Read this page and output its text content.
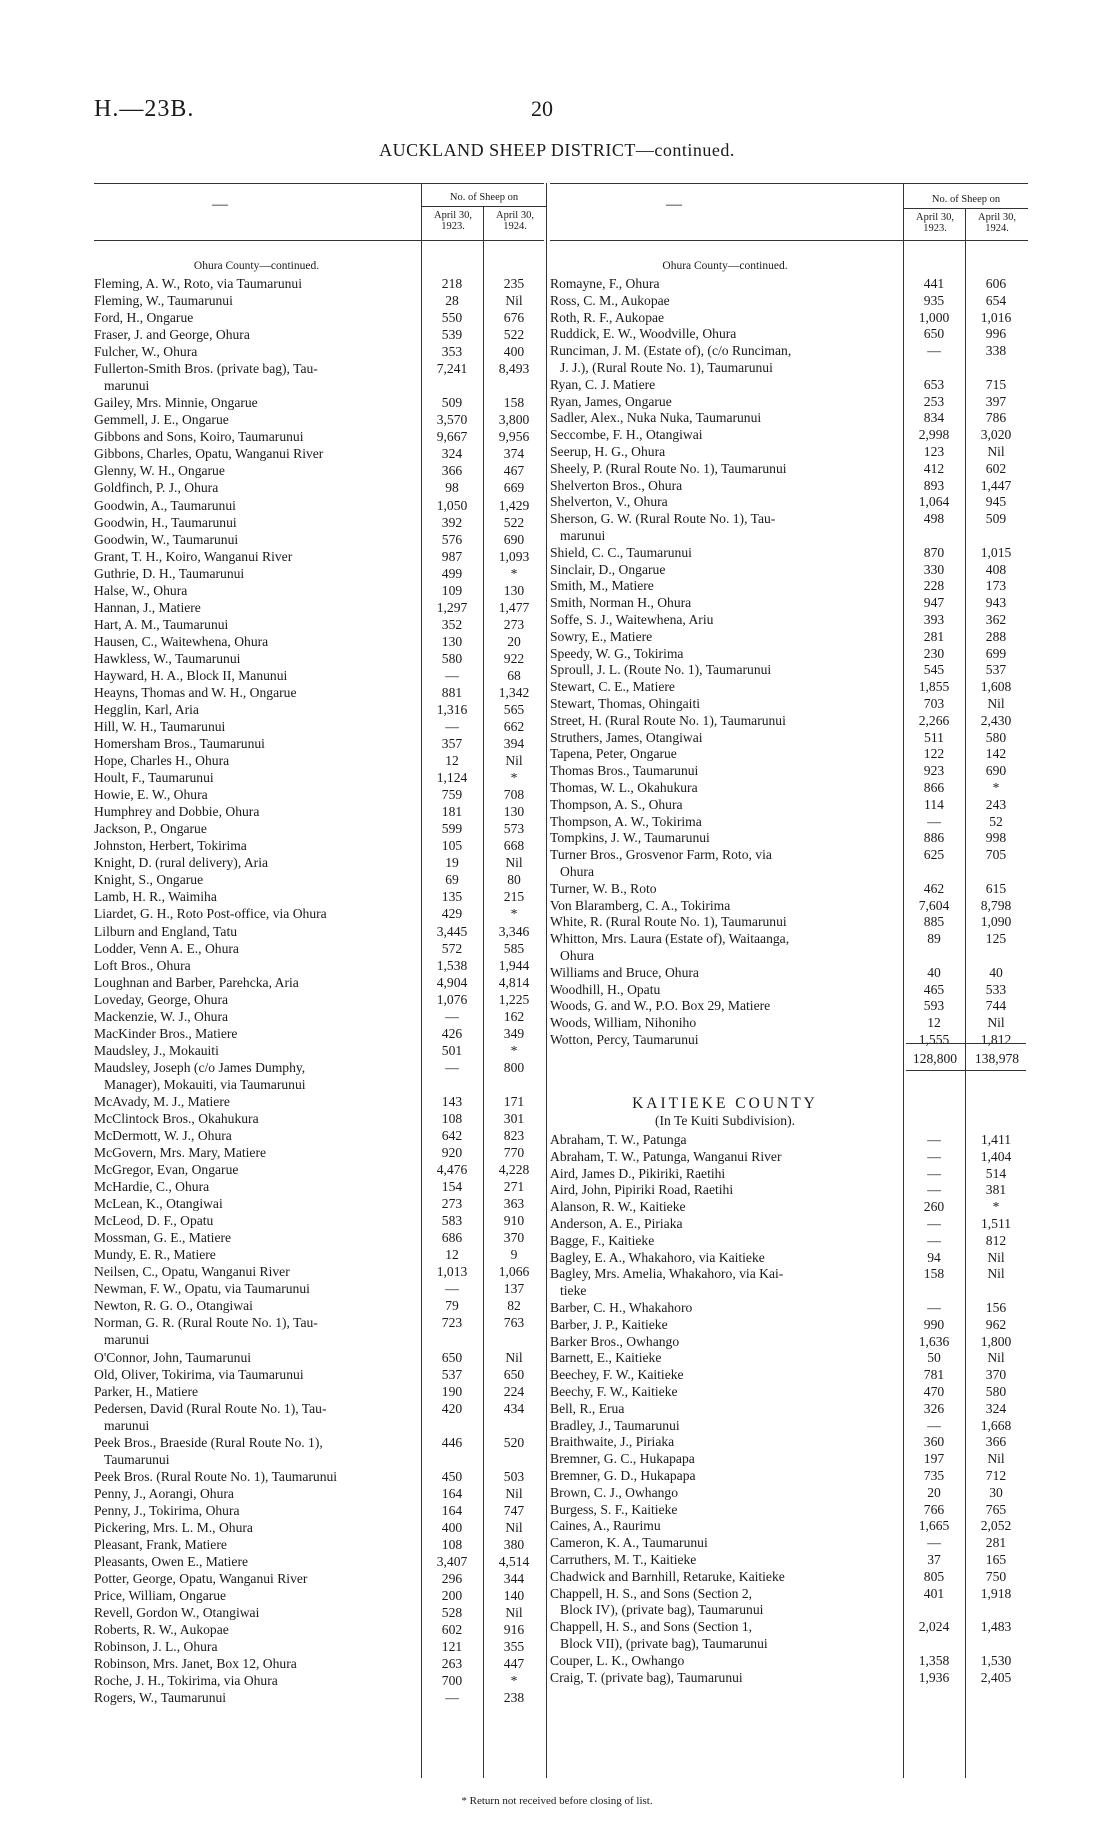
H.—23B.	20
AUCKLAND SHEEP DISTRICT—continued.
—	No. of Sheep on
April 30, 1923.
April 30, 1924.
—	No. of Sheep on
April 30, 1923.
April 30, 1924.
Ohura County—continued.	Ohura County—continued.
Fleming, A. W., Roto, via Taumarunui	218	235
Fleming, W., Taumarunui	28	Nil
Ford, H., Ongarue	550	676
Fraser, J. and George, Ohura	539	522
Fulcher, W., Ohura	353	400
Fullerton-Smith Bros. (private bag), Tau-	7,241	8,493
marunui
Gailey, Mrs. Minnie, Ongarue	509	158
Gemmell, J. E., Ongarue	3,570	3,800
Gibbons and Sons, Koiro, Taumarunui	9,667	9,956
Gibbons, Charles, Opatu, Wanganui River	324	374
Glenny, W. H., Ongarue	366	467
Goldfinch, P. J., Ohura	98	669
Goodwin, A., Taumarunui	1,050	1,429
Goodwin, H., Taumarunui	392	522
Goodwin, W., Taumarunui	576	690
Grant, T. H., Koiro, Wanganui River	987	1,093
Guthrie, D. H., Taumarunui	499	*
Halse, W., Ohura	109	130
Hannan, J., Matiere	1,297	1,477
Hart, A. M., Taumarunui	352	273
Hausen, C., Waitewhena, Ohura	130	20
Hawkless, W., Taumarunui	580	922
Hayward, H. A., Block II, Manunui	—	68
Heayns, Thomas and W. H., Ongarue	881	1,342
Hegglin, Karl, Aria	1,316	565
Hill, W. H., Taumarunui	—	662
Homersham Bros., Taumarunui	357	394
Hope, Charles H., Ohura	12	Nil
Hoult, F., Taumarunui	1,124	*
Howie, E. W., Ohura	759	708
Humphrey and Dobbie, Ohura	181	130
Jackson, P., Ongarue	599	573
Johnston, Herbert, Tokirima	105	668
Knight, D. (rural delivery), Aria	19	Nil
Knight, S., Ongarue	69	80
Lamb, H. R., Waimiha	135	215
Liardet, G. H., Roto Post-office, via Ohura	429	*
Lilburn and England, Tatu	3,445	3,346
Lodder, Venn A. E., Ohura	572	585
Loft Bros., Ohura	1,538	1,944
Loughnan and Barber, Parehcka, Aria	4,904	4,814
Loveday, George, Ohura	1,076	1,225
Mackenzie, W. J., Ohura	—	162
MacKinder Bros., Matiere	426	349
Maudsley, J., Mokauiti	501	*
Maudsley, Joseph (c/o James Dumphy,	—	800
Manager), Mokauiti, via Taumarunui
McAvady, M. J., Matiere	143	171
McClintock Bros., Okahukura	108	301
McDermott, W. J., Ohura	642	823
McGovern, Mrs. Mary, Matiere	920	770
McGregor, Evan, Ongarue	4,476	4,228
McHardie, C., Ohura	154	271
McLean, K., Otangiwai	273	363
McLeod, D. F., Opatu	583	910
Mossman, G. E., Matiere	686	370
Mundy, E. R., Matiere	12	9
Neilsen, C., Opatu, Wanganui River	1,013	1,066
Newman, F. W., Opatu, via Taumarunui	—	137
Newton, R. G. O., Otangiwai	79	82
Norman, G. R. (Rural Route No. 1), Tau-	723	763
marunui
O'Connor, John, Taumarunui	650	Nil
Old, Oliver, Tokirima, via Taumarunui	537	650
Parker, H., Matiere	190	224
Pedersen, David (Rural Route No. 1), Tau-	420	434
marunui
Peek Bros., Braeside (Rural Route No. 1),	446	520
Taumarunui
Peek Bros. (Rural Route No. 1), Taumarunui	450	503
Penny, J., Aorangi, Ohura	164	Nil
Penny, J., Tokirima, Ohura	164	747
Pickering, Mrs. L. M., Ohura	400	Nil
Pleasant, Frank, Matiere	108	380
Pleasants, Owen E., Matiere	3,407	4,514
Potter, George, Opatu, Wanganui River	296	344
Price, William, Ongarue	200	140
Revell, Gordon W., Otangiwai	528	Nil
Roberts, R. W., Aukopae	602	916
Robinson, J. L., Ohura	121	355
Robinson, Mrs. Janet, Box 12, Ohura	263	447
Roche, J. H., Tokirima, via Ohura	700	*
Rogers, W., Taumarunui	—	238
Romayne, F., Ohura	441	606
Ross, C. M., Aukopae	935	654
Roth, R. F., Aukopae	1,000	1,016
Ruddick, E. W., Woodville, Ohura	650	996
Runciman, J. M. (Estate of), (c/o Runciman,	—	338
J. J.), (Rural Route No. 1), Taumarunui
Ryan, C. J. Matiere	653	715
Ryan, James, Ongarue	253	397
Sadler, Alex., Nuka Nuka, Taumarunui	834	786
Seccombe, F. H., Otangiwai	2,998	3,020
Seerup, H. G., Ohura	123	Nil
Sheely, P. (Rural Route No. 1), Taumarunui	412	602
Shelverton Bros., Ohura	893	1,447
Shelverton, V., Ohura	1,064	945
Sherson, G. W. (Rural Route No. 1), Tau-	498	509
marunui
Shield, C. C., Taumarunui	870	1,015
Sinclair, D., Ongarue	330	408
Smith, M., Matiere	228	173
Smith, Norman H., Ohura	947	943
Soffe, S. J., Waitewhena, Ariu	393	362
Sowry, E., Matiere	281	288
Speedy, W. G., Tokirima	230	699
Sproull, J. L. (Route No. 1), Taumarunui	545	537
Stewart, C. E., Matiere	1,855	1,608
Stewart, Thomas, Ohingaiti	703	Nil
Street, H. (Rural Route No. 1), Taumarunui	2,266	2,430
Struthers, James, Otangiwai	511	580
Tapena, Peter, Ongarue	122	142
Thomas Bros., Taumarunui	923	690
Thomas, W. L., Okahukura	866	*
Thompson, A. S., Ohura	114	243
Thompson, A. W., Tokirima	—	52
Tompkins, J. W., Taumarunui	886	998
Turner Bros., Grosvenor Farm, Roto, via	625	705
Ohura
Turner, W. B., Roto	462	615
Von Blaramberg, C. A., Tokirima	7,604	8,798
White, R. (Rural Route No. 1), Taumarunui	885	1,090
Whitton, Mrs. Laura (Estate of), Waitaanga,	89	125
Ohura
Williams and Bruce, Ohura	40	40
Woodhill, H., Opatu	465	533
Woods, G. and W., P.O. Box 29, Matiere	593	744
Woods, William, Nihoniho	12	Nil
Wotton, Percy, Taumarunui	1,555	1,812
128,800	138,978
KAITIEKE COUNTY
(In Te Kuiti Subdivision).
Abraham, T. W., Patunga	—	1,411
Abraham, T. W., Patunga, Wanganui River	—	1,404
Aird, James D., Pikiriki, Raetihi	—	514
Aird, John, Pipiriki Road, Raetihi	—	381
Alanson, R. W., Kaitieke	260	*
Anderson, A. E., Piriaka	—	1,511
Bagge, F., Kaitieke	—	812
Bagley, E. A., Whakahoro, via Kaitieke	94	Nil
Bagley, Mrs. Amelia, Whakahoro, via Kai-	158	Nil
tieke
Barber, C. H., Whakahoro	—	156
Barber, J. P., Kaitieke	990	962
Barker Bros., Owhango	1,636	1,800
Barnett, E., Kaitieke	50	Nil
Beechey, F. W., Kaitieke	781	370
Beechy, F. W., Kaitieke	470	580
Bell, R., Erua	326	324
Bradley, J., Taumarunui	—	1,668
Braithwaite, J., Piriaka	360	366
Bremner, G. C., Hukapapa	197	Nil
Bremner, G. D., Hukapapa	735	712
Brown, C. J., Owhango	20	30
Burgess, S. F., Kaitieke	766	765
Caines, A., Raurimu	1,665	2,052
Cameron, K. A., Taumarunui	—	281
Carruthers, M. T., Kaitieke	37	165
Chadwick and Barnhill, Retaruke, Kaitieke	805	750
Chappell, H. S., and Sons (Section 2,	401	1,918
Block IV), (private bag), Taumarunui
Chappell, H. S., and Sons (Section 1,	2,024	1,483
Block VII), (private bag), Taumarunui
Couper, L. K., Owhango	1,358	1,530
Craig, T. (private bag), Taumarunui	1,936	2,405
* Return not received before closing of list.
